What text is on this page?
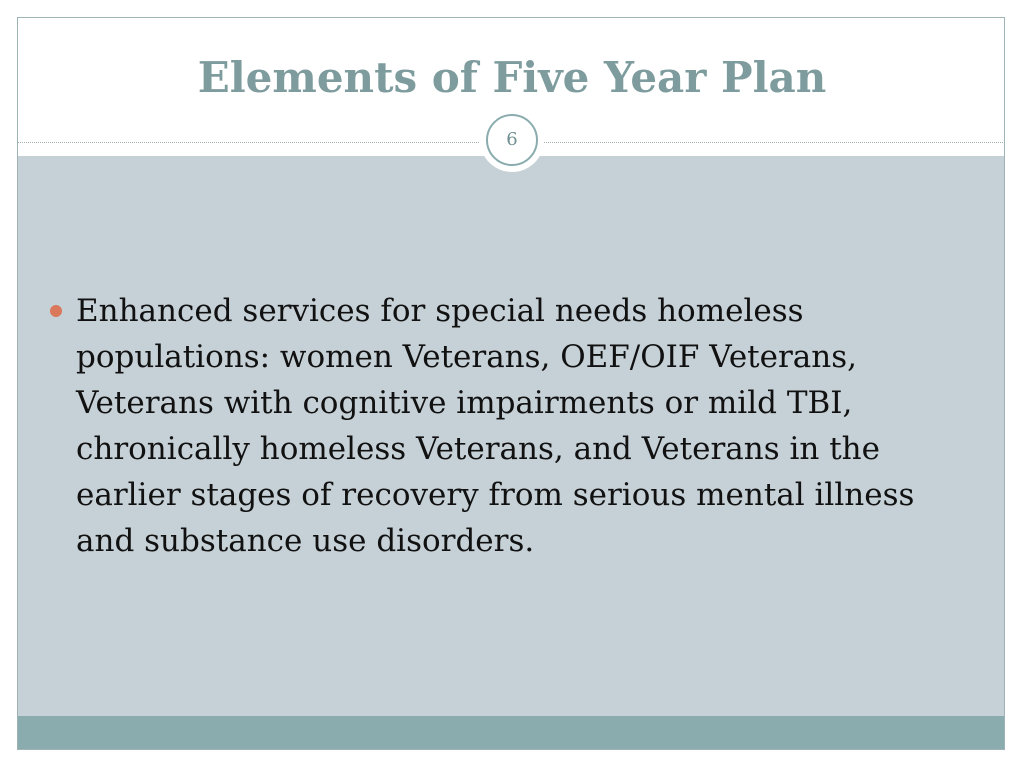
Elements of Five Year Plan

Enhanced services for special needs homeless populations: women Veterans, OEF/OIF Veterans, Veterans with cognitive impairments or mild TBI, chronically homeless Veterans, and Veterans in the earlier stages of recovery from serious mental illness and substance use disorders.

6
